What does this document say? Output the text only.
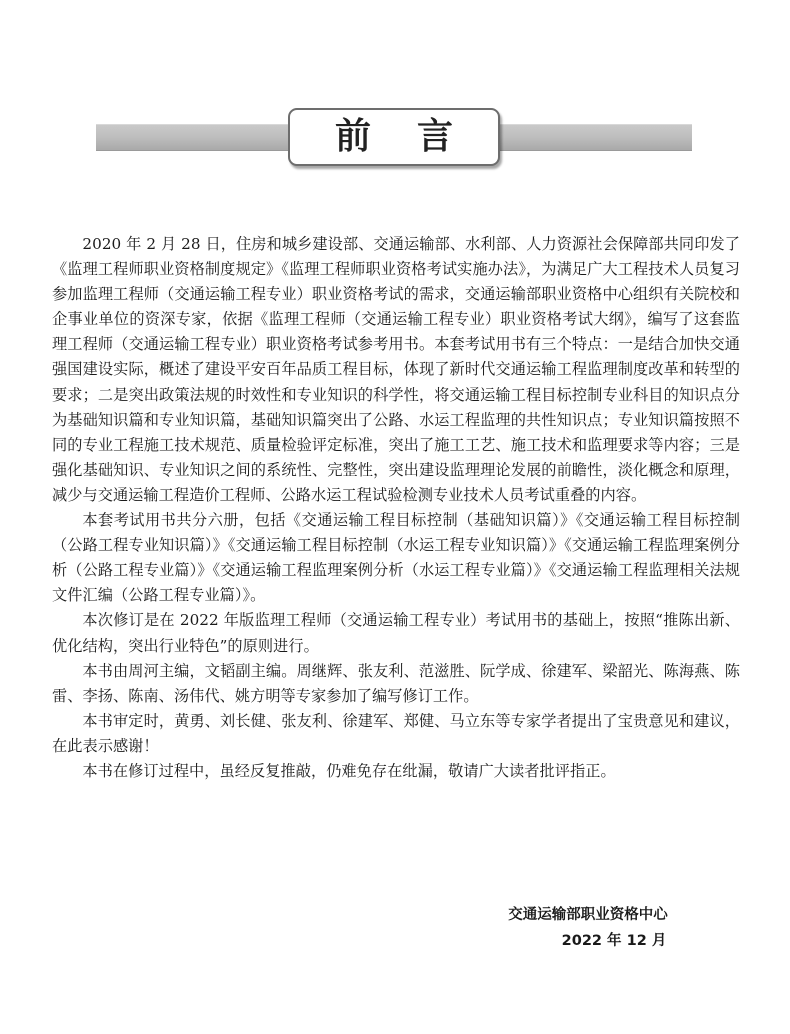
前言

2020 年 2 月 28 日，住房和城乡建设部、交通运输部、水利部、人力资源社会保障部共同印发了《监理工程师职业资格制度规定》《监理工程师职业资格考试实施办法》，为满足广大工程技术人员复习参加监理工程师（交通运输工程专业）职业资格考试的需求，交通运输部职业资格中心组织有关院校和企事业单位的资深专家，依据《监理工程师（交通运输工程专业）职业资格考试大纲》，编写了这套监理工程师（交通运输工程专业）职业资格考试参考用书。本套考试用书有三个特点：一是结合加快交通强国建设实际，概述了建设平安百年品质工程目标，体现了新时代交通运输工程监理制度改革和转型的要求；二是突出政策法规的时效性和专业知识的科学性，将交通运输工程目标控制专业科目的知识点分为基础知识篇和专业知识篇，基础知识篇突出了公路、水运工程监理的共性知识点；专业知识篇按照不同的专业工程施工技术规范、质量检验评定标准，突出了施工工艺、施工技术和监理要求等内容；三是强化基础知识、专业知识之间的系统性、完整性，突出建设监理理论发展的前瞻性，淡化概念和原理，减少与交通运输工程造价工程师、公路水运工程试验检测专业技术人员考试重叠的内容。

本套考试用书共分六册，包括《交通运输工程目标控制（基础知识篇）》《交通运输工程目标控制（公路工程专业知识篇）》《交通运输工程目标控制（水运工程专业知识篇）》《交通运输工程监理案例分析（公路工程专业篇）》《交通运输工程监理案例分析（水运工程专业篇）》《交通运输工程监理相关法规文件汇编（公路工程专业篇）》。

本次修订是在 2022 年版监理工程师（交通运输工程专业）考试用书的基础上，按照“推陈出新、优化结构，突出行业特色”的原则进行。

本书由周河主编，文韬副主编。周继辉、张友利、范滋胜、阮学成、徐建军、梁韶光、陈海燕、陈雷、李扬、陈南、汤伟代、姚方明等专家参加了编写修订工作。

本书审定时，黄勇、刘长健、张友利、徐建军、郑健、马立东等专家学者提出了宝贵意见和建议，在此表示感谢！

本书在修订过程中，虽经反复推敲，仍难免存在纰漏，敬请广大读者批评指正。

交通运输部职业资格中心
2022 年 12 月
